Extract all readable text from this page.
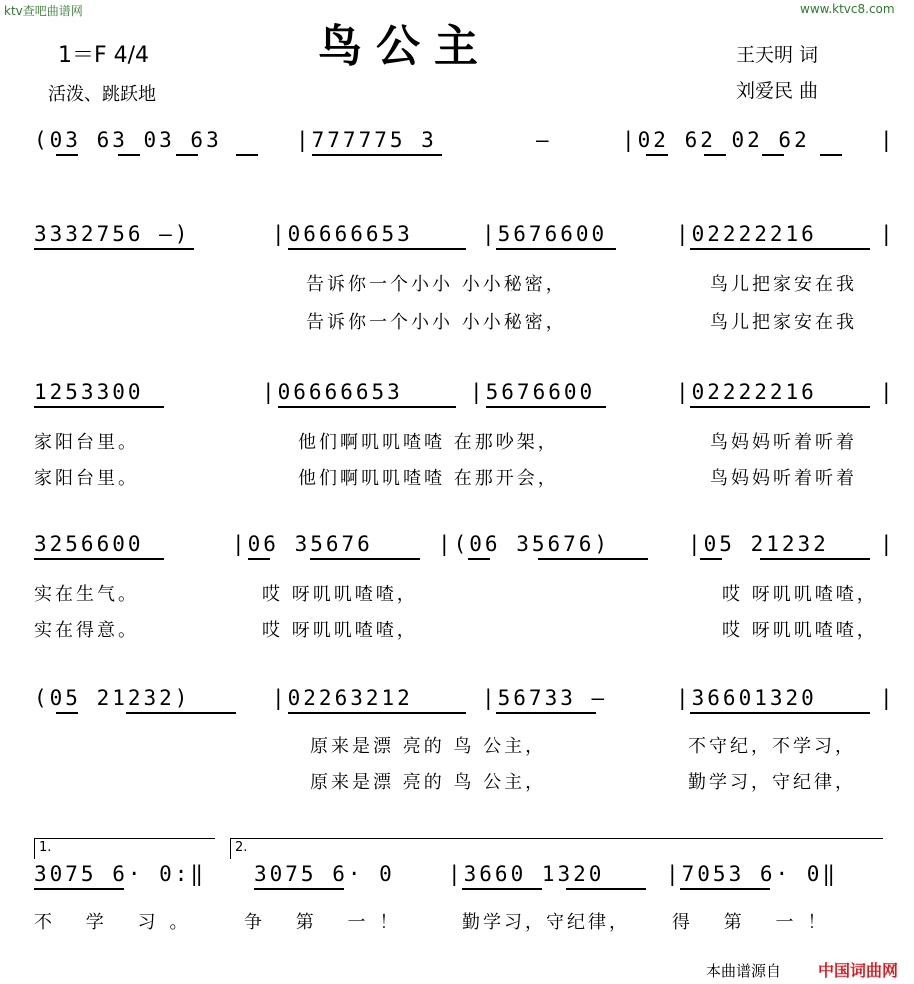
ktv查吧曲谱网	www.ktvc8.com
鸟公主
1＝F 4/4
活泼、跳跃地
王天明 词
刘爱民 曲
(03 63 03 63	|777775 3	–	|02 62 02 62	|
3332756 –)	|06666653	|5676600	|02222216	|
告诉你一个小小 小小秘密，	鸟儿把家安在我
告诉你一个小小 小小秘密，	鸟儿把家安在我
1253300	|06666653	|5676600	|02222216	|
家阳台里。	他们啊叽叽喳喳 在那吵架，	鸟妈妈听着听着
家阳台里。	他们啊叽叽喳喳 在那开会，	鸟妈妈听着听着
3256600	|06 35676	|(06 35676)	|05 21232 |
实在生气。	哎 呀叽叽喳喳，	哎 呀叽叽喳喳，
实在得意。	哎 呀叽叽喳喳，	哎 呀叽叽喳喳，
(05 21232)	|02263212	|56733 –	|36601320	|
原来是漂 亮的 鸟 公主，	不守纪，不学习，
原来是漂 亮的 鸟 公主，	勤学习，守纪律，
1.	2.
3075 6· 0:‖ 3075 6· 0	|3660 1320	|7053 6· 0‖
不 学 习。 争 第 一！	勤学习，守纪律， 得 第 一！
本曲谱源自 中国词曲网
